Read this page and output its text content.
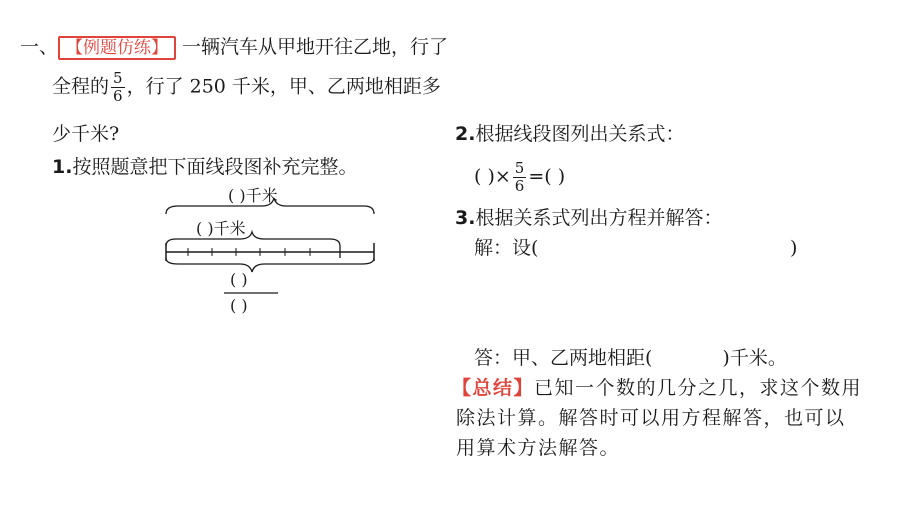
一、 【例题仿练】 一辆汽车从甲地开往乙地，行了
全程的 $\frac{5}{6}$ ，行了 250 千米，甲、乙两地相距多
少千米?
1.按照题意把下面线段图补充完整。
( )千米
( )千米
( )
( )
2.根据线段图列出关系式：
( )× $\frac{5}{6}$ =( )
3.根据关系式列出方程并解答：
解：设(	)
答：甲、乙两地相距(	)千米。
【总结】已知一个数的几分之几，求这个数用
除法计算。解答时可以用方程解答，也可以
用算术方法解答。
